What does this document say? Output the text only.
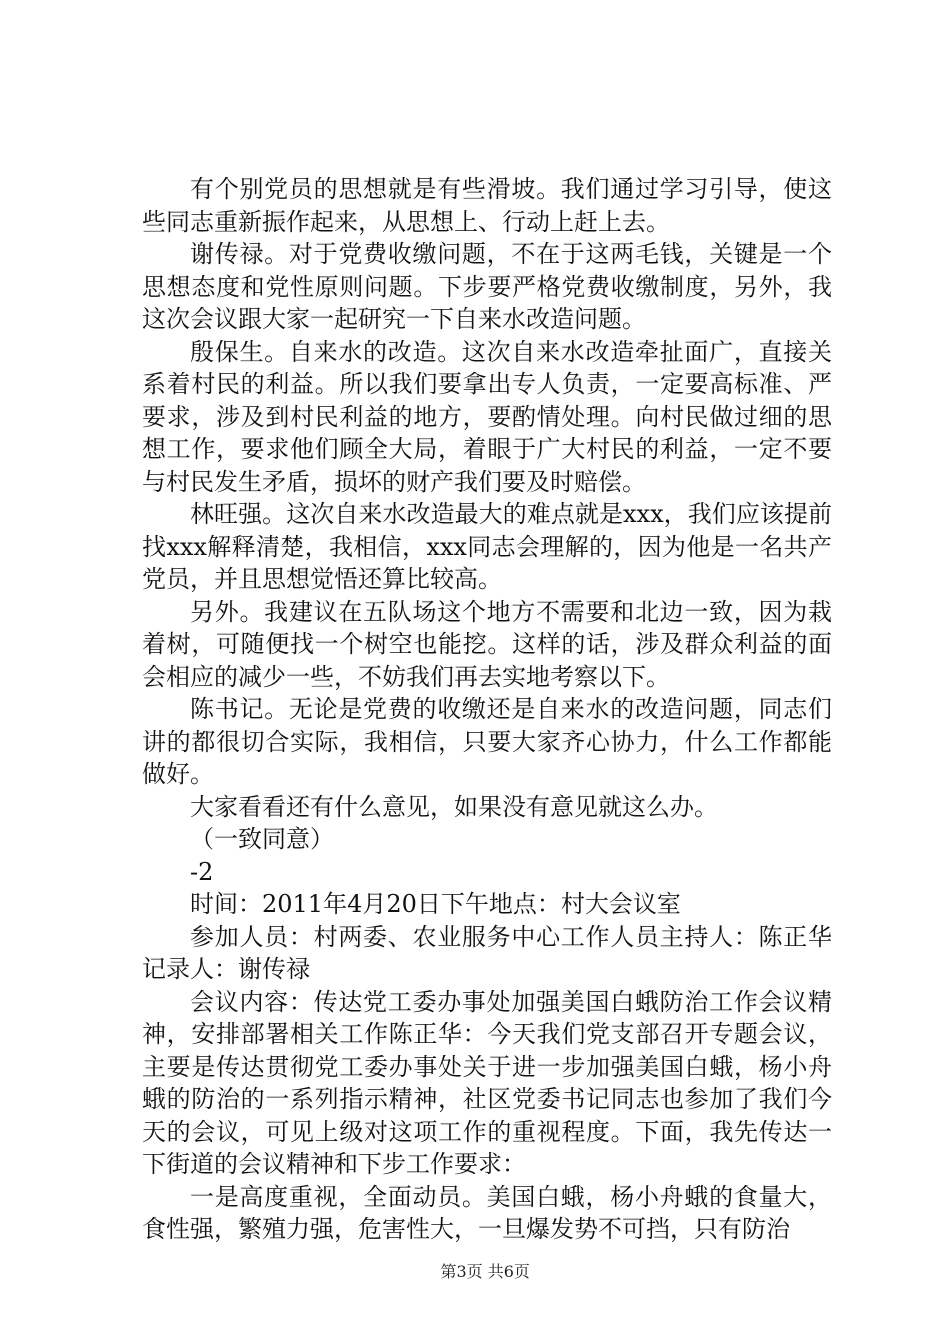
有个别党员的思想就是有些滑坡。我们通过学习引导，使这些同志重新振作起来，从思想上、行动上赶上去。

谢传禄。对于党费收缴问题，不在于这两毛钱，关键是一个思想态度和党性原则问题。下步要严格党费收缴制度，另外，我这次会议跟大家一起研究一下自来水改造问题。

殷保生。自来水的改造。这次自来水改造牵扯面广，直接关系着村民的利益。所以我们要拿出专人负责，一定要高标准、严要求，涉及到村民利益的地方，要酌情处理。向村民做过细的思想工作，要求他们顾全大局，着眼于广大村民的利益，一定不要与村民发生矛盾，损坏的财产我们要及时赔偿。

林旺强。这次自来水改造最大的难点就是xxx，我们应该提前找xxx解释清楚，我相信，xxx同志会理解的，因为他是一名共产党员，并且思想觉悟还算比较高。

另外。我建议在五队场这个地方不需要和北边一致，因为栽着树，可随便找一个树空也能挖。这样的话，涉及群众利益的面会相应的减少一些，不妨我们再去实地考察以下。

陈书记。无论是党费的收缴还是自来水的改造问题，同志们讲的都很切合实际，我相信，只要大家齐心协力，什么工作都能做好。

大家看看还有什么意见，如果没有意见就这么办。

（一致同意）

-2

时间：2011年4月20日下午地点：村大会议室

参加人员：村两委、农业服务中心工作人员主持人：陈正华记录人：谢传禄

会议内容：传达党工委办事处加强美国白蛾防治工作会议精神，安排部署相关工作陈正华：今天我们党支部召开专题会议，主要是传达贯彻党工委办事处关于进一步加强美国白蛾，杨小舟蛾的防治的一系列指示精神，社区党委书记同志也参加了我们今天的会议，可见上级对这项工作的重视程度。下面，我先传达一下街道的会议精神和下步工作要求：

一是高度重视，全面动员。美国白蛾，杨小舟蛾的食量大，食性强，繁殖力强，危害性大，一旦爆发势不可挡，只有防治

第3页 共6页
